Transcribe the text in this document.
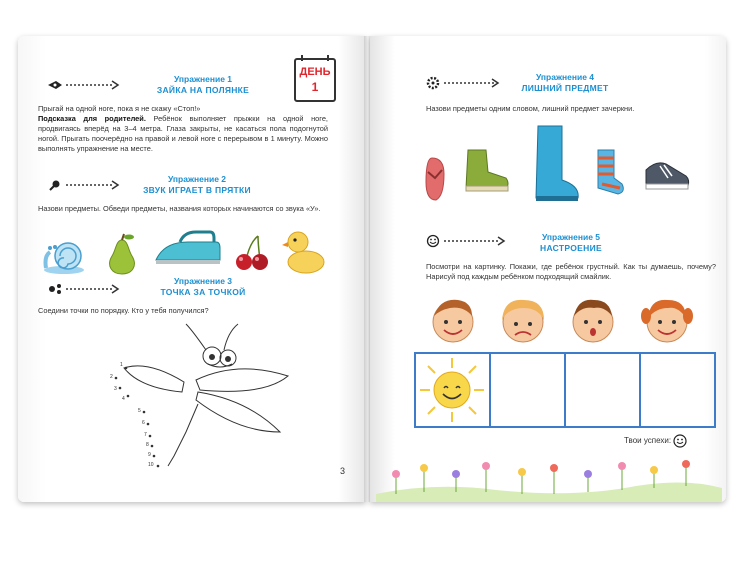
Упражнение 1
ЗАЙКА НА ПОЛЯНКЕ
ДЕНЬ
1
Прыгай на одной ноге, пока я не скажу «Стоп!»
Подсказка для родителей. Ребёнок выполняет прыжки на одной ноге, продвигаясь вперёд на 3–4 метра. Глаза закрыты, не касаться пола подогнутой ногой. Прыгать поочерёдно на правой и левой ноге с перерывом в 1 минуту. Можно выполнять упражнение на месте.
Упражнение 2
ЗВУК ИГРАЕТ В ПРЯТКИ
Назови предметы. Обведи предметы, названия которых начинаются со звука «У».
Упражнение 3
ТОЧКА ЗА ТОЧКОЙ
Соедини точки по порядку. Кто у тебя получился?
1
2
3
4
5
6
7
8
9
10
3
Упражнение 4
ЛИШНИЙ ПРЕДМЕТ
Назови предметы одним словом, лишний предмет зачеркни.
Упражнение 5
НАСТРОЕНИЕ
Посмотри на картинку. Покажи, где ребёнок грустный. Как ты думаешь, почему? Нарисуй под каждым ребёнком подходящий смайлик.
Твои успехи:
